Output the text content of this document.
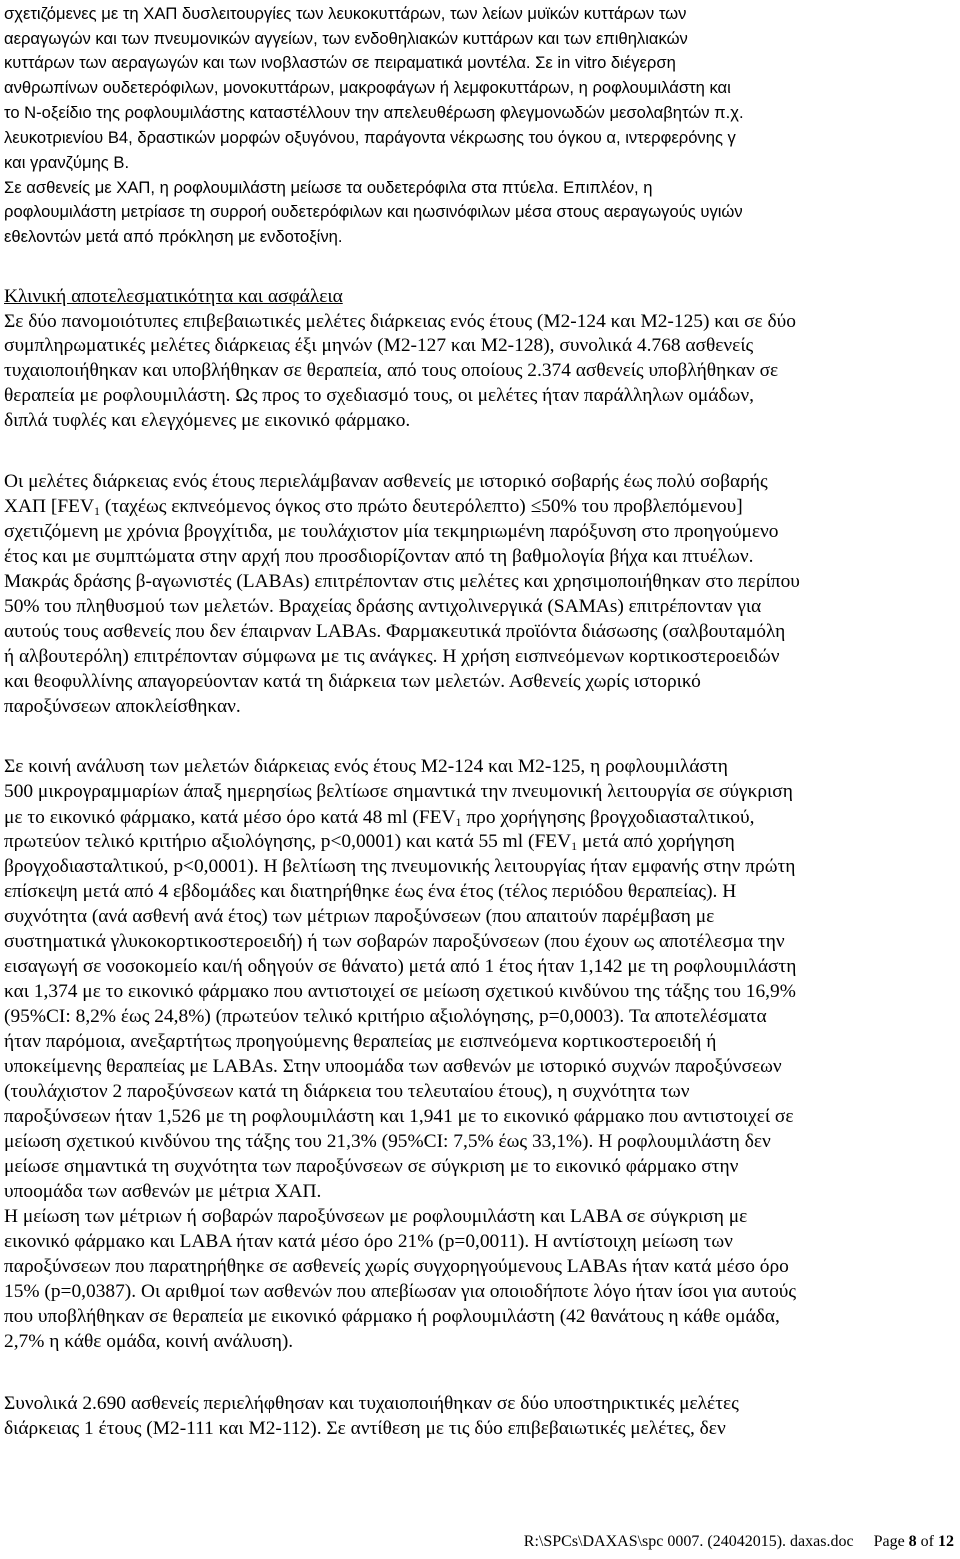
σχετιζόμενες με τη ΧΑΠ δυσλειτουργίες των λευκοκυττάρων, των λείων μυϊκών κυττάρων των
αεραγωγών και των πνευμονικών αγγείων, των ενδοθηλιακών κυττάρων και των επιθηλιακών
κυττάρων των αεραγωγών και των ινοβλαστών σε πειραματικά μοντέλα. Σε in vitro διέγερση
ανθρωπίνων ουδετερόφιλων, μονοκυττάρων, μακροφάγων ή λεμφοκυττάρων, η ροφλουμιλάστη και
το Ν-οξείδιο της ροφλουμιλάστης καταστέλλουν την απελευθέρωση φλεγμονωδών μεσολαβητών π.χ.
λευκοτριενίου Β4, δραστικών μορφών οξυγόνου, παράγοντα νέκρωσης του όγκου α, ιντερφερόνης γ
και γρανζύμης Β.
Σε ασθενείς με ΧΑΠ, η ροφλουμιλάστη μείωσε τα ουδετερόφιλα στα πτύελα. Επιπλέον, η
ροφλουμιλάστη μετρίασε τη συρροή ουδετερόφιλων και ηωσινόφιλων μέσα στους αεραγωγούς υγιών
εθελοντών μετά από πρόκληση με ενδοτοξίνη.
Κλινική αποτελεσματικότητα και ασφάλεια
Σε δύο πανομοιότυπες επιβεβαιωτικές μελέτες διάρκειας ενός έτους (M2-124 και M2-125) και σε δύο
συμπληρωματικές μελέτες διάρκειας έξι μηνών (M2-127 και M2-128), συνολικά 4.768 ασθενείς
τυχαιοποιήθηκαν και υποβλήθηκαν σε θεραπεία, από τους οποίους 2.374 ασθενείς υποβλήθηκαν σε
θεραπεία με ροφλουμιλάστη. Ως προς το σχεδιασμό τους, οι μελέτες ήταν παράλληλων ομάδων,
διπλά τυφλές και ελεγχόμενες με εικονικό φάρμακο.
Οι μελέτες διάρκειας ενός έτους περιελάμβαναν ασθενείς με ιστορικό σοβαρής έως πολύ σοβαρής
ΧΑΠ [$FEV_1$ (ταχέως εκπνεόμενος όγκος στο πρώτο δευτερόλεπτο) ≤50% του προβλεπόμενου]
σχετιζόμενη με χρόνια βρογχίτιδα, με τουλάχιστον μία τεκμηριωμένη παρόξυνση στο προηγούμενο
έτος και με συμπτώματα στην αρχή που προσδιορίζονταν από τη βαθμολογία βήχα και πτυέλων.
Μακράς δράσης β-αγωνιστές (LABAs) επιτρέπονταν στις μελέτες και χρησιμοποιήθηκαν στο περίπου
50% του πληθυσμού των μελετών. Βραχείας δράσης αντιχολινεργικά (SAMAs) επιτρέπονταν για
αυτούς τους ασθενείς που δεν έπαιρναν LABAs. Φαρμακευτικά προϊόντα διάσωσης (σαλβουταμόλη
ή αλβουτερόλη) επιτρέπονταν σύμφωνα με τις ανάγκες. Η χρήση εισπνεόμενων κορτικοστεροειδών
και θεοφυλλίνης απαγορεύονταν κατά τη διάρκεια των μελετών. Ασθενείς χωρίς ιστορικό
παροξύνσεων αποκλείσθηκαν.
Σε κοινή ανάλυση των μελετών διάρκειας ενός έτους M2-124 και M2-125, η ροφλουμιλάστη
500 μικρογραμμαρίων άπαξ ημερησίως βελτίωσε σημαντικά την πνευμονική λειτουργία σε σύγκριση
με το εικονικό φάρμακο, κατά μέσο όρο κατά 48 ml ($FEV_1$ προ χορήγησης βρογχοδιασταλτικού,
πρωτεύον τελικό κριτήριο αξιολόγησης, p<0,0001) και κατά 55 ml ($FEV_1$ μετά από χορήγηση
βρογχοδιασταλτικού, p<0,0001). Η βελτίωση της πνευμονικής λειτουργίας ήταν εμφανής στην πρώτη
επίσκεψη μετά από 4 εβδομάδες και διατηρήθηκε έως ένα έτος (τέλος περιόδου θεραπείας). Η
συχνότητα (ανά ασθενή ανά έτος) των μέτριων παροξύνσεων (που απαιτούν παρέμβαση με
συστηματικά γλυκοκορτικοστεροειδή) ή των σοβαρών παροξύνσεων (που έχουν ως αποτέλεσμα την
εισαγωγή σε νοσοκομείο και/ή οδηγούν σε θάνατο) μετά από 1 έτος ήταν 1,142 με τη ροφλουμιλάστη
και 1,374 με το εικονικό φάρμακο που αντιστοιχεί σε μείωση σχετικού κινδύνου της τάξης του 16,9%
(95%CI: 8,2% έως 24,8%) (πρωτεύον τελικό κριτήριο αξιολόγησης, p=0,0003). Τα αποτελέσματα
ήταν παρόμοια, ανεξαρτήτως προηγούμενης θεραπείας με εισπνεόμενα κορτικοστεροειδή ή
υποκείμενης θεραπείας με LABAs. Στην υποομάδα των ασθενών με ιστορικό συχνών παροξύνσεων
(τουλάχιστον 2 παροξύνσεων κατά τη διάρκεια του τελευταίου έτους), η συχνότητα των
παροξύνσεων ήταν 1,526 με τη ροφλουμιλάστη και 1,941 με το εικονικό φάρμακο που αντιστοιχεί σε
μείωση σχετικού κινδύνου της τάξης του 21,3% (95%CI: 7,5% έως 33,1%). Η ροφλουμιλάστη δεν
μείωσε σημαντικά τη συχνότητα των παροξύνσεων σε σύγκριση με το εικονικό φάρμακο στην
υποομάδα των ασθενών με μέτρια ΧΑΠ.
Η μείωση των μέτριων ή σοβαρών παροξύνσεων με ροφλουμιλάστη και LABA σε σύγκριση με
εικονικό φάρμακο και LABA ήταν κατά μέσο όρο 21% (p=0,0011). Η αντίστοιχη μείωση των
παροξύνσεων που παρατηρήθηκε σε ασθενείς χωρίς συγχορηγούμενους LABAs ήταν κατά μέσο όρο
15% (p=0,0387). Οι αριθμοί των ασθενών που απεβίωσαν για οποιοδήποτε λόγο ήταν ίσοι για αυτούς
που υποβλήθηκαν σε θεραπεία με εικονικό φάρμακο ή ροφλουμιλάστη (42 θανάτους η κάθε ομάδα,
2,7% η κάθε ομάδα, κοινή ανάλυση).
Συνολικά 2.690 ασθενείς περιελήφθησαν και τυχαιοποιήθηκαν σε δύο υποστηρικτικές μελέτες
διάρκειας 1 έτους (M2-111 και M2-112). Σε αντίθεση με τις δύο επιβεβαιωτικές μελέτες, δεν
R:\SPCs\DAXAS\spc 0007. (24042015). daxas.doc Page 8 of 12
